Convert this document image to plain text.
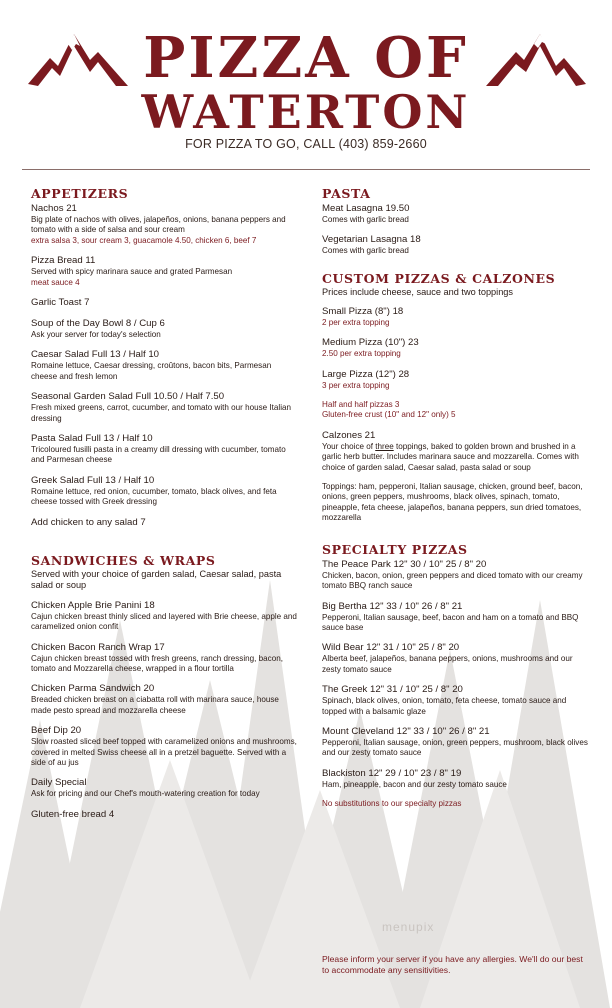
PIZZA OF
WATERTON
FOR PIZZA TO GO, CALL (403) 859-2660
APPETIZERS
Nachos 21
Big plate of nachos with olives, jalapeños, onions, banana peppers and tomato with a side of salsa and sour cream
extra salsa 3, sour cream 3, guacamole 4.50, chicken 6, beef 7
Pizza Bread 11
Served with spicy marinara sauce and grated Parmesan
meat sauce 4
Garlic Toast 7
Soup of the Day Bowl 8 / Cup 6
Ask your server for today's selection
Caesar Salad Full 13 / Half 10
Romaine lettuce, Caesar dressing, croûtons, bacon bits, Parmesan cheese and fresh lemon
Seasonal Garden Salad Full 10.50 / Half 7.50
Fresh mixed greens, carrot, cucumber, and tomato with our house Italian dressing
Pasta Salad Full 13 / Half 10
Tricoloured fusilli pasta in a creamy dill dressing with cucumber, tomato and Parmesan cheese
Greek Salad Full 13 / Half 10
Romaine lettuce, red onion, cucumber, tomato, black olives, and feta cheese tossed with Greek dressing
Add chicken to any salad 7
SANDWICHES & WRAPS
Served with your choice of garden salad, Caesar salad, pasta salad or soup
Chicken Apple Brie Panini 18
Cajun chicken breast thinly sliced and layered with Brie cheese, apple and caramelized onion confit
Chicken Bacon Ranch Wrap 17
Cajun chicken breast tossed with fresh greens, ranch dressing, bacon, tomato and Mozzarella cheese, wrapped in a flour tortilla
Chicken Parma Sandwich 20
Breaded chicken breast on a ciabatta roll with marinara sauce, house made pesto spread and mozzarella cheese
Beef Dip 20
Slow roasted sliced beef topped with caramelized onions and mushrooms, covered in melted Swiss cheese all in a pretzel baguette. Served with a side of au jus
Daily Special
Ask for pricing and our Chef's mouth-watering creation for today
Gluten-free bread 4
PASTA
Meat Lasagna 19.50
Comes with garlic bread
Vegetarian Lasagna 18
Comes with garlic bread
CUSTOM PIZZAS & CALZONES
Prices include cheese, sauce and two toppings
Small Pizza (8") 18
2 per extra topping
Medium Pizza (10") 23
2.50 per extra topping
Large Pizza (12") 28
3 per extra topping
Half and half pizzas 3
Gluten-free crust (10" and 12" only) 5
Calzones 21
Your choice of three toppings, baked to golden brown and brushed in a garlic herb butter. Includes marinara sauce and mozzarella. Comes with choice of garden salad, Caesar salad, pasta salad or soup
Toppings: ham, pepperoni, Italian sausage, chicken, ground beef, bacon, onions, green peppers, mushrooms, black olives, spinach, tomato, pineapple, feta cheese, jalapeños, banana peppers, sun dried tomatoes, mozzarella
SPECIALTY PIZZAS
The Peace Park 12" 30 / 10" 25 / 8" 20
Chicken, bacon, onion, green peppers and diced tomato with our creamy tomato BBQ ranch sauce
Big Bertha 12" 33 / 10" 26 / 8" 21
Pepperoni, Italian sausage, beef, bacon and ham on a tomato and BBQ sauce base
Wild Bear 12" 31 / 10" 25 / 8" 20
Alberta beef, jalapeños, banana peppers, onions, mushrooms and our zesty tomato sauce
The Greek 12" 31 / 10" 25 / 8" 20
Spinach, black olives, onion, tomato, feta cheese, tomato sauce and topped with a balsamic glaze
Mount Cleveland 12" 33 / 10" 26 / 8" 21
Pepperoni, Italian sausage, onion, green peppers, mushroom, black olives and our zesty tomato sauce
Blackiston 12" 29 / 10" 23 / 8" 19
Ham, pineapple, bacon and our zesty tomato sauce
No substitutions to our specialty pizzas
menupix
Please inform your server if you have any allergies. We'll do our best to accommodate any sensitivities.
